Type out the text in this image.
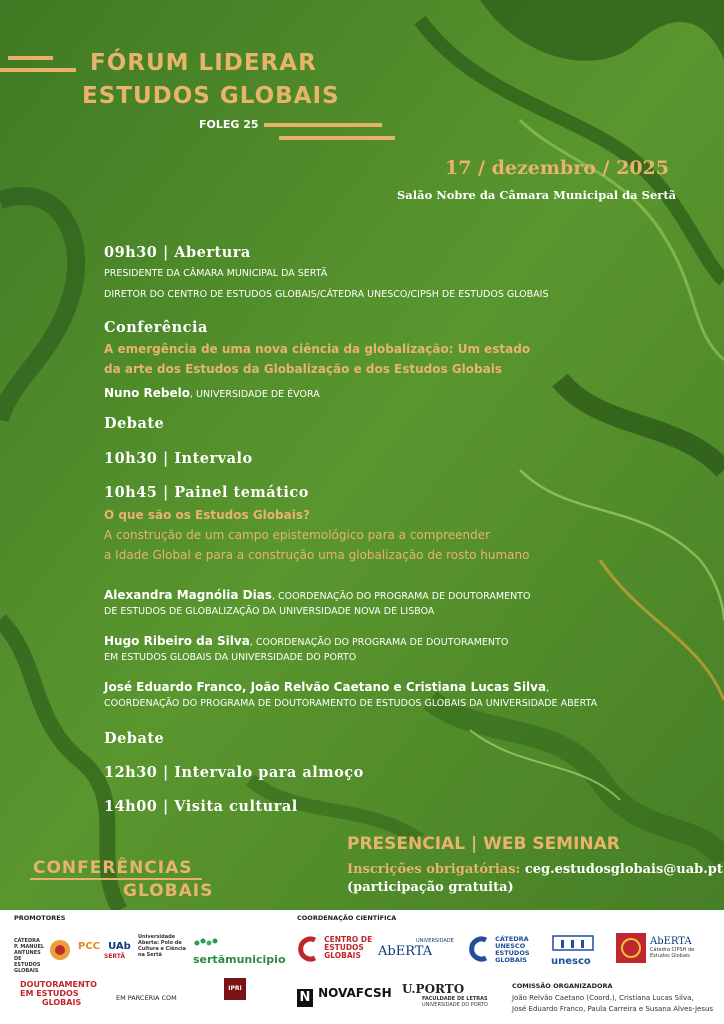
FÓRUM LIDERAR
ESTUDOS GLOBAIS
FOLEG 25
17 / dezembro / 2025
Salão Nobre da Câmara Municipal da Sertã
09h30 | Abertura
PRESIDENTE DA CÂMARA MUNICIPAL DA SERTÃ
DIRETOR DO CENTRO DE ESTUDOS GLOBAIS/CÁTEDRA UNESCO/CIPSH DE ESTUDOS GLOBAIS
Conferência
A emergência de uma nova ciência da globalização: Um estado
da arte dos Estudos da Globalização e dos Estudos Globais
Nuno Rebelo, UNIVERSIDADE DE ÉVORA
Debate
10h30 | Intervalo
10h45 | Painel temático
O que são os Estudos Globais?
A construção de um campo epistemológico para a compreender
a Idade Global e para a construção uma globalização de rosto humano
Alexandra Magnólia Dias, COORDENAÇÃO DO PROGRAMA DE DOUTORAMENTO
DE ESTUDOS DE GLOBALIZAÇÃO DA UNIVERSIDADE NOVA DE LISBOA
Hugo Ribeiro da Silva, COORDENAÇÃO DO PROGRAMA DE DOUTORAMENTO
EM ESTUDOS GLOBAIS DA UNIVERSIDADE DO PORTO
José Eduardo Franco, João Relvão Caetano e Cristiana Lucas Silva,
COORDENAÇÃO DO PROGRAMA DE DOUTORAMENTO DE ESTUDOS GLOBAIS DA UNIVERSIDADE ABERTA
Debate
12h30 | Intervalo para almoço
14h00 | Visita cultural
PRESENCIAL | WEB SEMINAR
Inscrições obrigatórias: ceg.estudosglobais@uab.pt
(participação gratuita)
CONFERÊNCIAS
GLOBAIS
PROMOTORES	COORDENAÇÃO CIENTÍFICA
CÁTEDRA P. MANUEL ANTUNES DE ESTUDOS GLOBAIS
PCC UAb
SERTÃ
Universidade Aberta: Polo de Cultura e Ciência na Sertã	sertãmunicipio

CENTRO DE
ESTUDOS
GLOBAIS
UNIVERSIDADE
AbERTA

CÁTEDRA
UNESCO
ESTUDOS
GLOBAIS unesco
AbERTA
Cátedra CIPSH de Estudos Globais
DOUTORAMENTO
EM ESTUDOS
GLOBAIS	EM PARCERIA COM
IPRI
N $^{NOVAFCSH}$ U.PORTO
FACULDADE DE LETRAS
UNIVERSIDADE DO PORTO
COMISSÃO ORGANIZADORA
João Relvão Caetano (Coord.), Cristiana Lucas Silva,
José Eduardo Franco, Paula Carreira e Susana Alves-Jesus
